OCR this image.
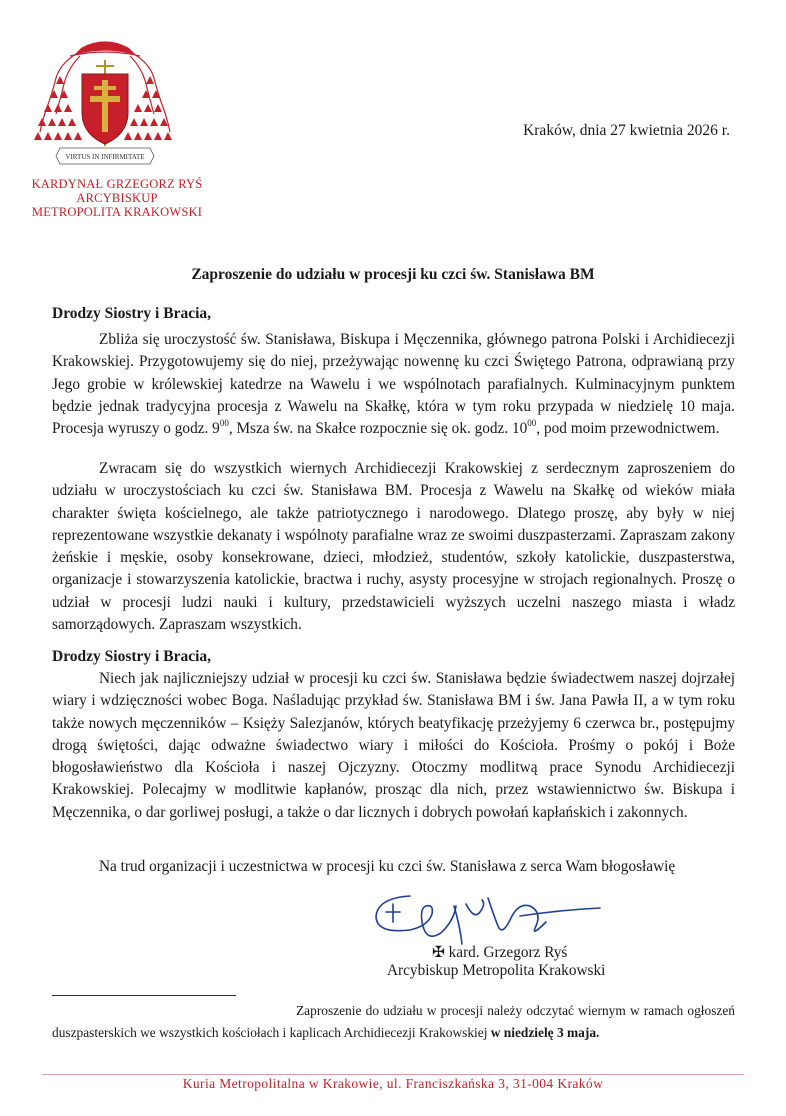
VIRTUS IN INFIRMITATE
KARDYNAŁ GRZEGORZ RYŚ
ARCYBISKUP
METROPOLITA KRAKOWSKI
Kraków, dnia 27 kwietnia 2026 r.
Zaproszenie do udziału w procesji ku czci św. Stanisława BM
Drodzy Siostry i Bracia,

Zbliża się uroczystość św. Stanisława, Biskupa i Męczennika, głównego patrona Polski i Archidiecezji Krakowskiej. Przygotowujemy się do niej, przeżywając nowennę ku czci Świętego Patrona, odprawianą przy Jego grobie w królewskiej katedrze na Wawelu i we wspólnotach parafialnych. Kulminacyjnym punktem będzie jednak tradycyjna procesja z Wawelu na Skałkę, która w tym roku przypada w niedzielę 10 maja. Procesja wyruszy o godz. $9^{00}$, Msza św. na Skałce rozpocznie się ok. godz. $10^{00}$, pod moim przewodnictwem.

Zwracam się do wszystkich wiernych Archidiecezji Krakowskiej z serdecznym zaproszeniem do udziału w uroczystościach ku czci św. Stanisława BM. Procesja z Wawelu na Skałkę od wieków miała charakter święta kościelnego, ale także patriotycznego i narodowego. Dlatego proszę, aby były w niej reprezentowane wszystkie dekanaty i wspólnoty parafialne wraz ze swoimi duszpasterzami. Zapraszam zakony żeńskie i męskie, osoby konsekrowane, dzieci, młodzież, studentów, szkoły katolickie, duszpasterstwa, organizacje i stowarzyszenia katolickie, bractwa i ruchy, asysty procesyjne w strojach regionalnych. Proszę o udział w procesji ludzi nauki i kultury, przedstawicieli wyższych uczelni naszego miasta i władz samorządowych. Zapraszam wszystkich.

Drodzy Siostry i Bracia,

Niech jak najliczniejszy udział w procesji ku czci św. Stanisława będzie świadectwem naszej dojrzałej wiary i wdzięczności wobec Boga. Naśladując przykład św. Stanisława BM i św. Jana Pawła II, a w tym roku także nowych męczenników – Księży Salezjanów, których beatyfikację przeżyjemy 6 czerwca br., postępujmy drogą świętości, dając odważne świadectwo wiary i miłości do Kościoła. Prośmy o pokój i Boże błogosławieństwo dla Kościoła i naszej Ojczyzny. Otoczmy modlitwą prace Synodu Archidiecezji Krakowskiej. Polecajmy w modlitwie kapłanów, prosząc dla nich, przez wstawiennictwo św. Biskupa i Męczennika, o dar gorliwej posługi, a także o dar licznych i dobrych powołań kapłańskich i zakonnych.

Na trud organizacji i uczestnictwa w procesji ku czci św. Stanisława z serca Wam błogosławię
✠ kard. Grzegorz Ryś
Arcybiskup Metropolita Krakowski

Zaproszenie do udziału w procesji należy odczytać wiernym w ramach ogłoszeń duszpasterskich we wszystkich kościołach i kaplicach Archidiecezji Krakowskiej w niedzielę 3 maja.

Kuria Metropolitalna w Krakowie, ul. Franciszkańska 3, 31-004 Kraków
